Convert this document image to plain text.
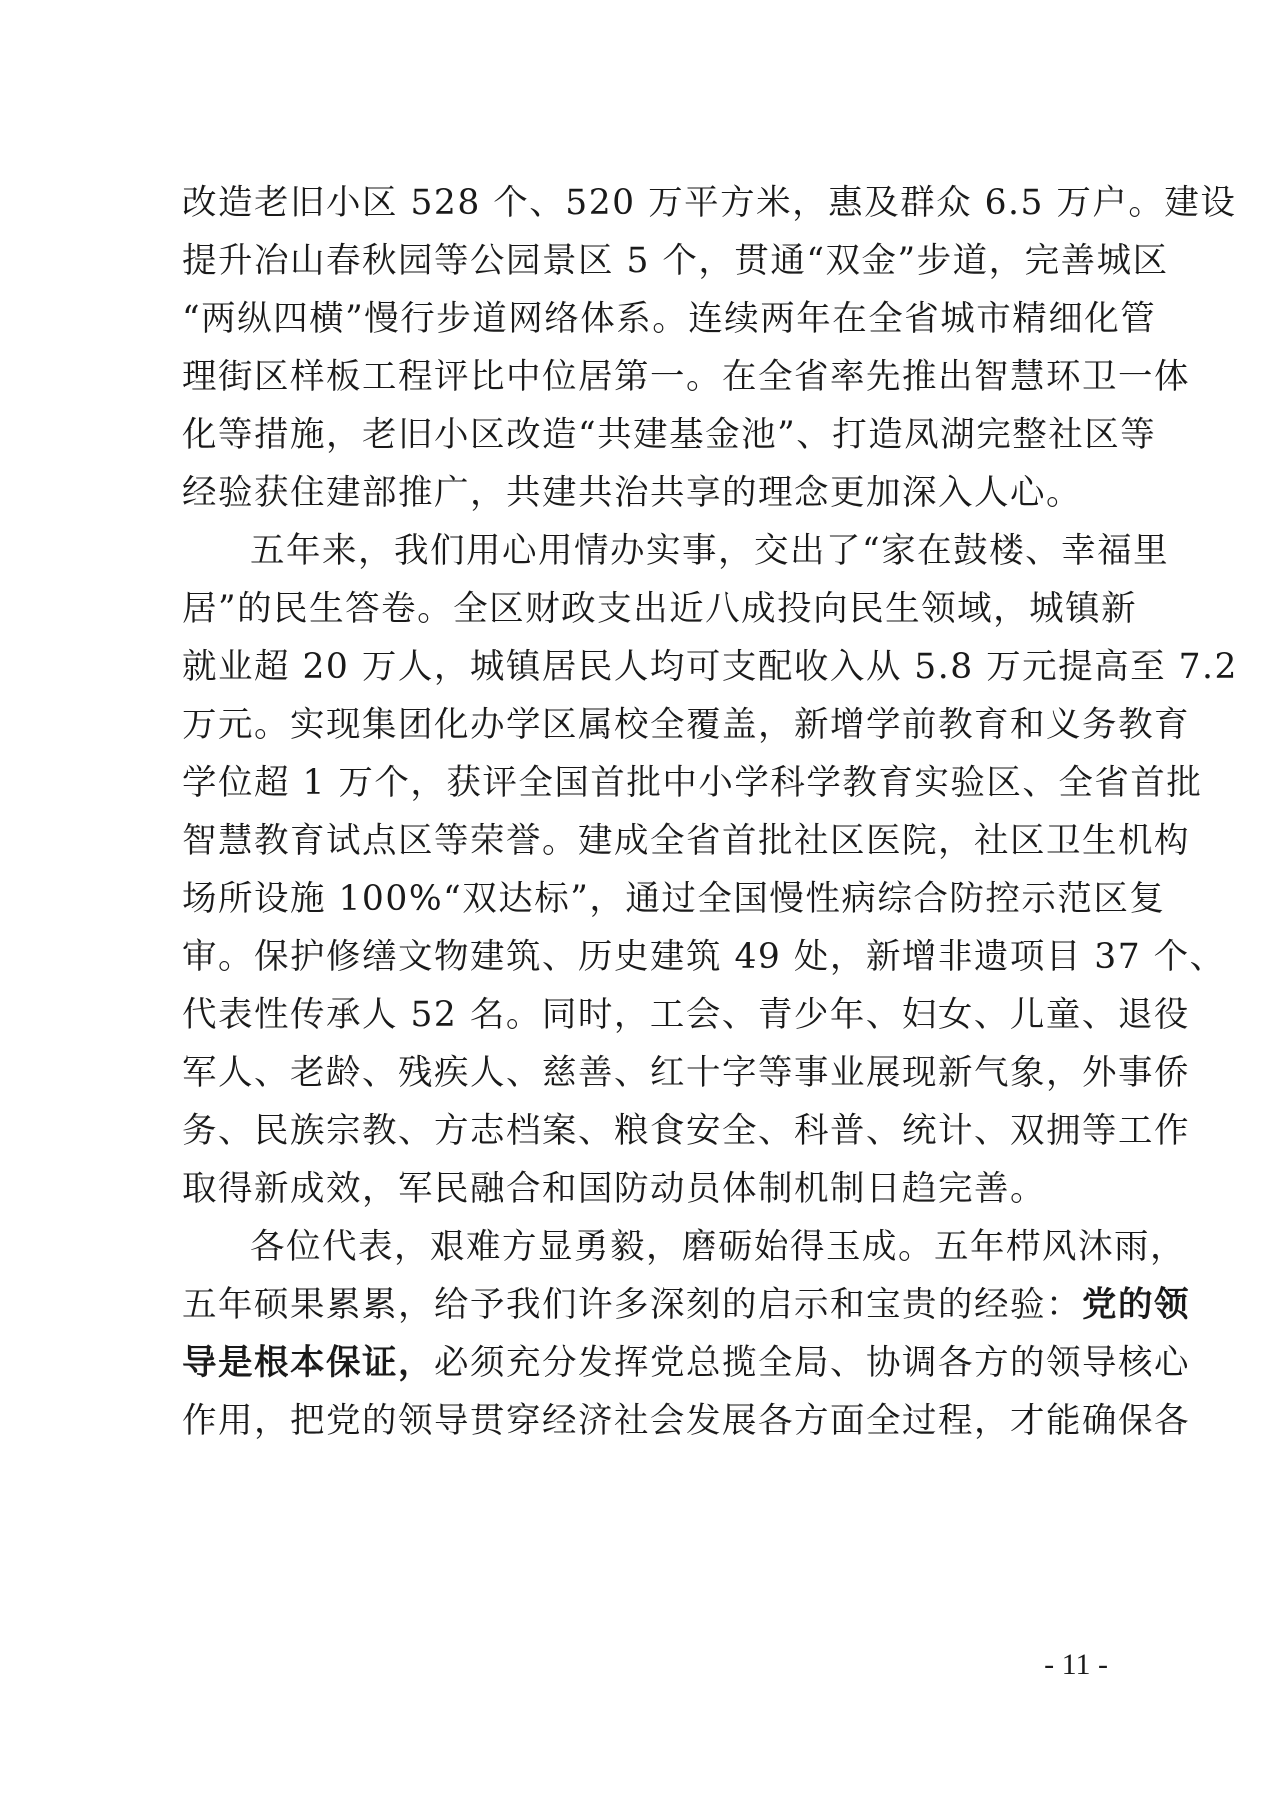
改造老旧小区 528 个、520 万平方米，惠及群众 6.5 万户。建设
提升冶山春秋园等公园景区 5 个，贯通“双金”步道，完善城区
“两纵四横”慢行步道网络体系。连续两年在全省城市精细化管
理街区样板工程评比中位居第一。在全省率先推出智慧环卫一体
化等措施，老旧小区改造“共建基金池”、打造凤湖完整社区等
经验获住建部推广，共建共治共享的理念更加深入人心。
五年来，我们用心用情办实事，交出了“家在鼓楼、幸福里
居”的民生答卷。全区财政支出近八成投向民生领域，城镇新
就业超 20 万人，城镇居民人均可支配收入从 5.8 万元提高至 7.2
万元。实现集团化办学区属校全覆盖，新增学前教育和义务教育
学位超 1 万个，获评全国首批中小学科学教育实验区、全省首批
智慧教育试点区等荣誉。建成全省首批社区医院，社区卫生机构
场所设施 100%“双达标”，通过全国慢性病综合防控示范区复
审。保护修缮文物建筑、历史建筑 49 处，新增非遗项目 37 个、
代表性传承人 52 名。同时，工会、青少年、妇女、儿童、退役
军人、老龄、残疾人、慈善、红十字等事业展现新气象，外事侨
务、民族宗教、方志档案、粮食安全、科普、统计、双拥等工作
取得新成效，军民融合和国防动员体制机制日趋完善。
各位代表，艰难方显勇毅，磨砺始得玉成。五年栉风沐雨，
五年硕果累累，给予我们许多深刻的启示和宝贵的经验：党的领
导是根本保证，必须充分发挥党总揽全局、协调各方的领导核心
作用，把党的领导贯穿经济社会发展各方面全过程，才能确保各
- 11 -
